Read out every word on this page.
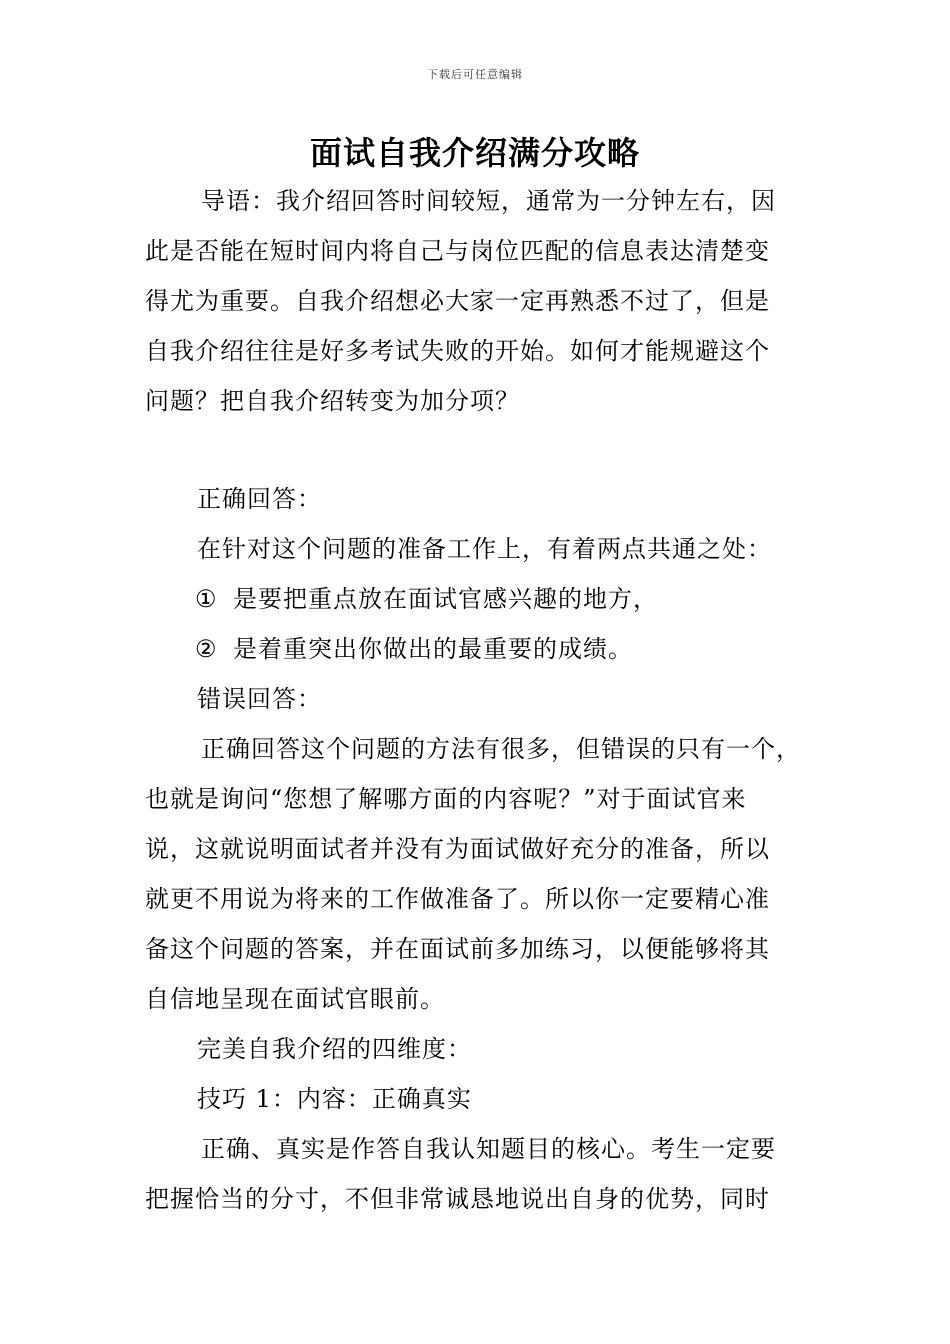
下载后可任意编辑
面试自我介绍满分攻略
导语：我介绍回答时间较短，通常为一分钟左右，因
此是否能在短时间内将自己与岗位匹配的信息表达清楚变
得尤为重要。自我介绍想必大家一定再熟悉不过了，但是
自我介绍往往是好多考试失败的开始。如何才能规避这个
问题？把自我介绍转变为加分项？

正确回答：

在针对这个问题的准备工作上，有着两点共通之处：

① 是要把重点放在面试官感兴趣的地方，

② 是着重突出你做出的最重要的成绩。

错误回答：

正确回答这个问题的方法有很多，但错误的只有一个，
也就是询问“您想了解哪方面的内容呢？”对于面试官来
说，这就说明面试者并没有为面试做好充分的准备，所以
就更不用说为将来的工作做准备了。所以你一定要精心准
备这个问题的答案，并在面试前多加练习，以便能够将其
自信地呈现在面试官眼前。

完美自我介绍的四维度：

技巧 1：内容：正确真实

正确、真实是作答自我认知题目的核心。考生一定要
把握恰当的分寸，不但非常诚恳地说出自身的优势，同时
